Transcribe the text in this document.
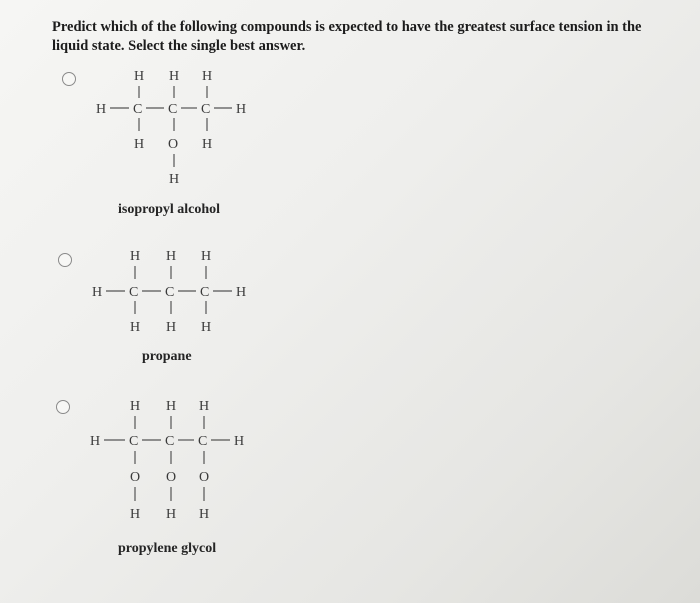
Predict which of the following compounds is expected to have the greatest surface tension in the liquid state. Select the single best answer.
H H H
H C C C H
H O H
H
isopropyl alcohol
H H H
H C C C H
H H H
propane
H H H
H C C C H
O O O
H H H
propylene glycol
